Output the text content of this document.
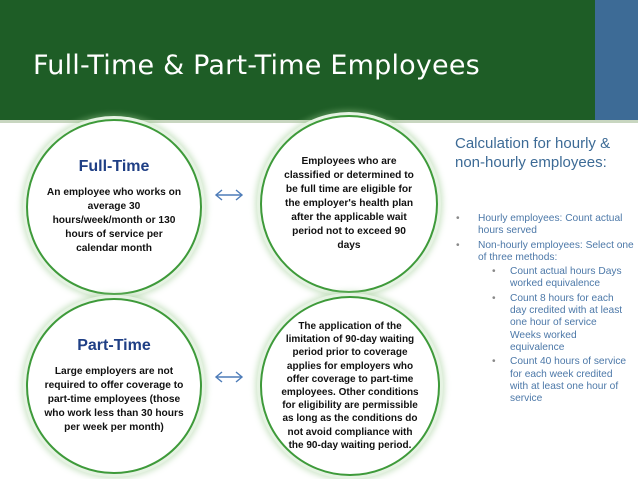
Full-Time & Part-Time Employees
Full-Time
An employee who works on average 30 hours/week/month or 130 hours of service per calendar month
Employees who are classified or determined to be full time are eligible for the employer's health plan after the applicable wait period not to exceed 90 days
Part-Time
Large employers are not required to offer coverage to part-time employees (those who work less than 30 hours per week per month)
The application of the limitation of 90-day waiting period prior to coverage applies for employers who offer coverage to part-time employees. Other conditions for eligibility are permissible as long as the conditions do not avoid compliance with the 90-day waiting period.
Calculation for hourly & non-hourly employees:
• Hourly employees: Count actual hours served
• Non-hourly employees: Select one of three methods:
• Count actual hours Days worked equivalence
• Count 8 hours for each day credited with at least one hour of service Weeks worked equivalence
• Count 40 hours of service for each week credited with at least one hour of service
